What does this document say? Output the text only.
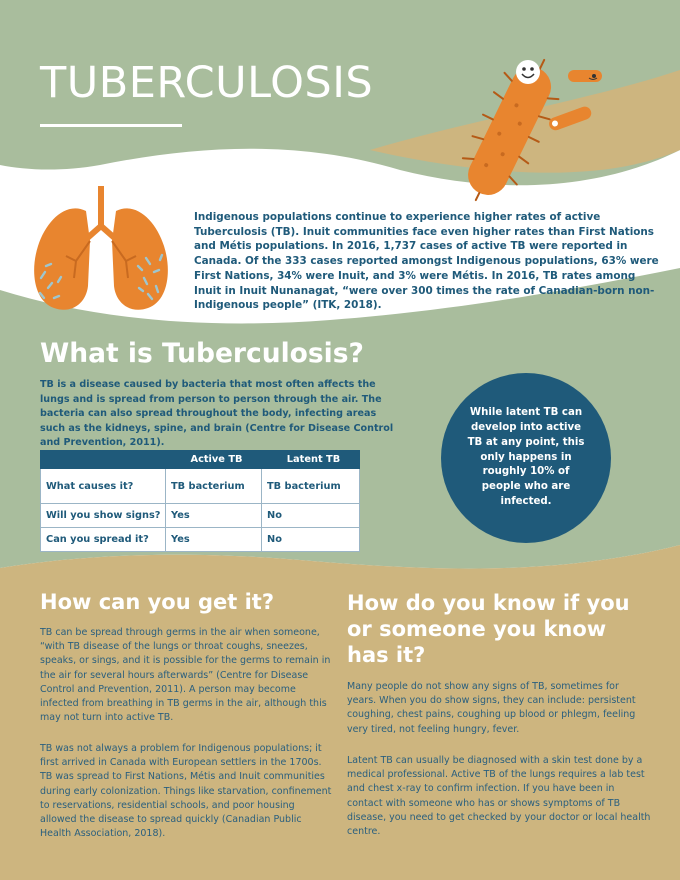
TUBERCULOSIS

Indigenous populations continue to experience higher rates of active Tuberculosis (TB). Inuit communities face even higher rates than First Nations and Métis populations. In 2016, 1,737 cases of active TB were reported in Canada. Of the 333 cases reported amongst Indigenous populations, 63% were First Nations, 34% were Inuit, and 3% were Métis. In 2016, TB rates among Inuit in Inuit Nunanagat, “were over 300 times the rate of Canadian-born non-Indigenous people” (ITK, 2018).

What is Tuberculosis?

TB is a disease caused by bacteria that most often affects the lungs and is spread from person to person through the air. The bacteria can also spread throughout the body, infecting areas such as the kidneys, spine, and brain (Centre for Disease Control and Prevention, 2011).

	Active TB	Latent TB
What causes it?	TB bacterium	TB bacterium
Will you show signs?	Yes	No
Can you spread it?	Yes	No
While latent TB can develop into active TB at any point, this only happens in roughly 10% of people who are infected.
How can you get it?

TB can be spread through germs in the air when someone, “with TB disease of the lungs or throat coughs, sneezes, speaks, or sings, and it is possible for the germs to remain in the air for several hours afterwards” (Centre for Disease Control and Prevention, 2011). A person may become infected from breathing in TB germs in the air, although this may not turn into active TB.

TB was not always a problem for Indigenous populations; it first arrived in Canada with European settlers in the 1700s. TB was spread to First Nations, Métis and Inuit communities during early colonization. Things like starvation, confinement to reservations, residential schools, and poor housing allowed the disease to spread quickly (Canadian Public Health Association, 2018).

How do you know if you or someone you know has it?

Many people do not show any signs of TB, sometimes for years. When you do show signs, they can include: persistent coughing, chest pains, coughing up blood or phlegm, feeling very tired, not feeling hungry, fever.

Latent TB can usually be diagnosed with a skin test done by a medical professional. Active TB of the lungs requires a lab test and chest x-ray to confirm infection. If you have been in contact with someone who has or shows symptoms of TB disease, you need to get checked by your doctor or local health centre.
